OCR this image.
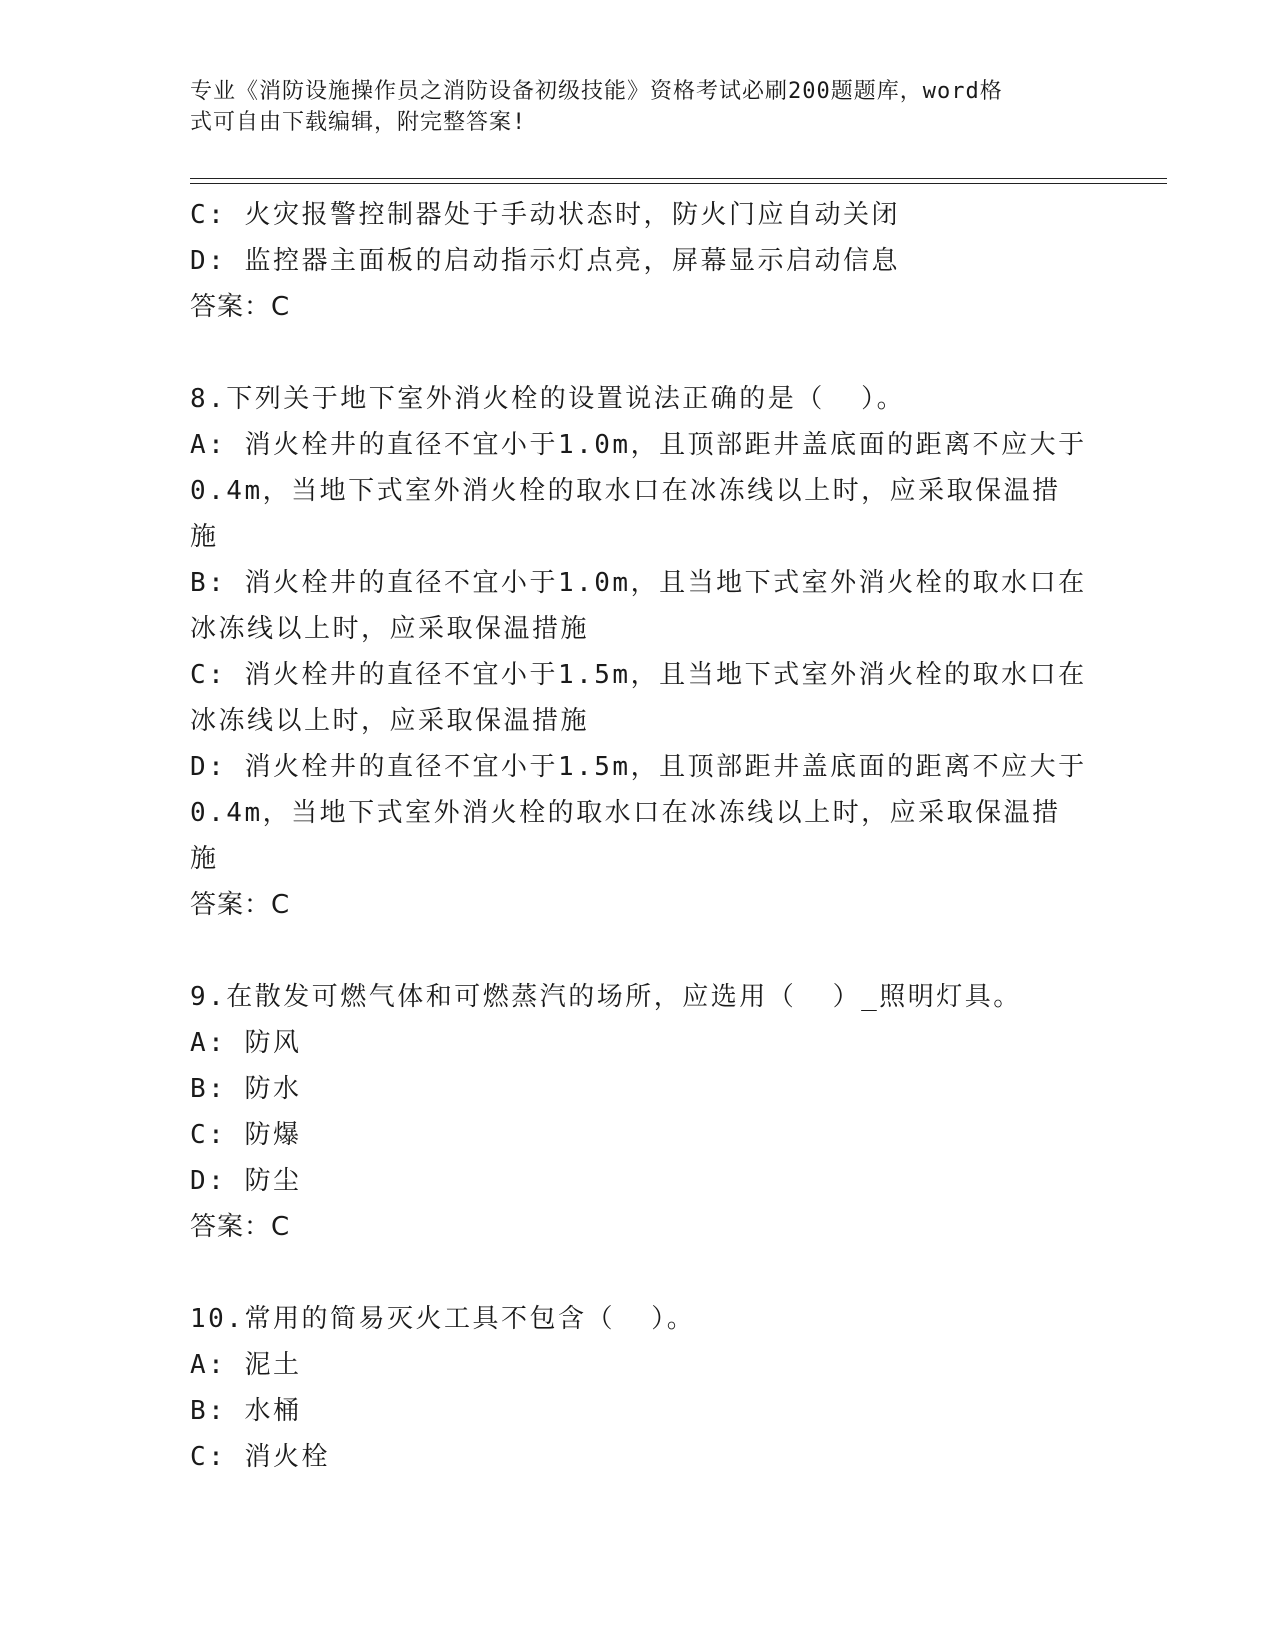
专业《消防设施操作员之消防设备初级技能》资格考试必刷200题题库，word格
式可自由下载编辑，附完整答案!
C: 火灾报警控制器处于手动状态时，防火门应自动关闭
D: 监控器主面板的启动指示灯点亮，屏幕显示启动信息
答案：C
8.下列关于地下室外消火栓的设置说法正确的是（  ）。
A: 消火栓井的直径不宜小于1.0m，且顶部距井盖底面的距离不应大于
0.4m，当地下式室外消火栓的取水口在冰冻线以上时，应采取保温措
施
B: 消火栓井的直径不宜小于1.0m，且当地下式室外消火栓的取水口在
冰冻线以上时，应采取保温措施
C: 消火栓井的直径不宜小于1.5m，且当地下式室外消火栓的取水口在
冰冻线以上时，应采取保温措施
D: 消火栓井的直径不宜小于1.5m，且顶部距井盖底面的距离不应大于
0.4m，当地下式室外消火栓的取水口在冰冻线以上时，应采取保温措
施
答案：C
9.在散发可燃气体和可燃蒸汽的场所，应选用（  ）_照明灯具。
A: 防风
B: 防水
C: 防爆
D: 防尘
答案：C
10.常用的简易灭火工具不包含（  ）。
A: 泥土
B: 水桶
C: 消火栓
